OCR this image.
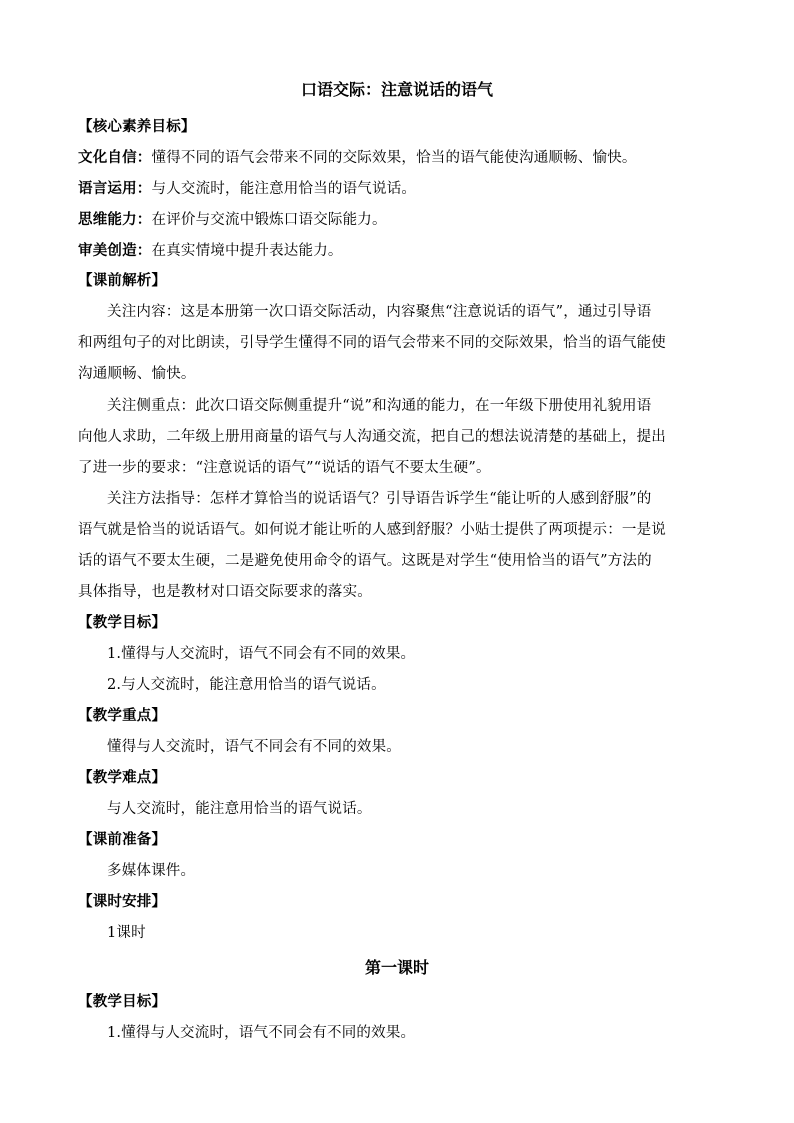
口语交际：注意说话的语气
【核心素养目标】
文化自信：懂得不同的语气会带来不同的交际效果，恰当的语气能使沟通顺畅、愉快。
语言运用：与人交流时，能注意用恰当的语气说话。
思维能力：在评价与交流中锻炼口语交际能力。
审美创造：在真实情境中提升表达能力。
【课前解析】
关注内容：这是本册第一次口语交际活动，内容聚焦“注意说话的语气”，通过引导语
和两组句子的对比朗读，引导学生懂得不同的语气会带来不同的交际效果，恰当的语气能使
沟通顺畅、愉快。
关注侧重点：此次口语交际侧重提升“说”和沟通的能力，在一年级下册使用礼貌用语
向他人求助，二年级上册用商量的语气与人沟通交流，把自己的想法说清楚的基础上，提出
了进一步的要求：“注意说话的语气”“说话的语气不要太生硬”。
关注方法指导：怎样才算恰当的说话语气？引导语告诉学生“能让听的人感到舒服”的
语气就是恰当的说话语气。如何说才能让听的人感到舒服？小贴士提供了两项提示：一是说
话的语气不要太生硬，二是避免使用命令的语气。这既是对学生“使用恰当的语气”方法的
具体指导，也是教材对口语交际要求的落实。
【教学目标】
1.懂得与人交流时，语气不同会有不同的效果。
2.与人交流时，能注意用恰当的语气说话。
【教学重点】
懂得与人交流时，语气不同会有不同的效果。
【教学难点】
与人交流时，能注意用恰当的语气说话。
【课前准备】
多媒体课件。
【课时安排】
1课时
第一课时
【教学目标】
1.懂得与人交流时，语气不同会有不同的效果。
